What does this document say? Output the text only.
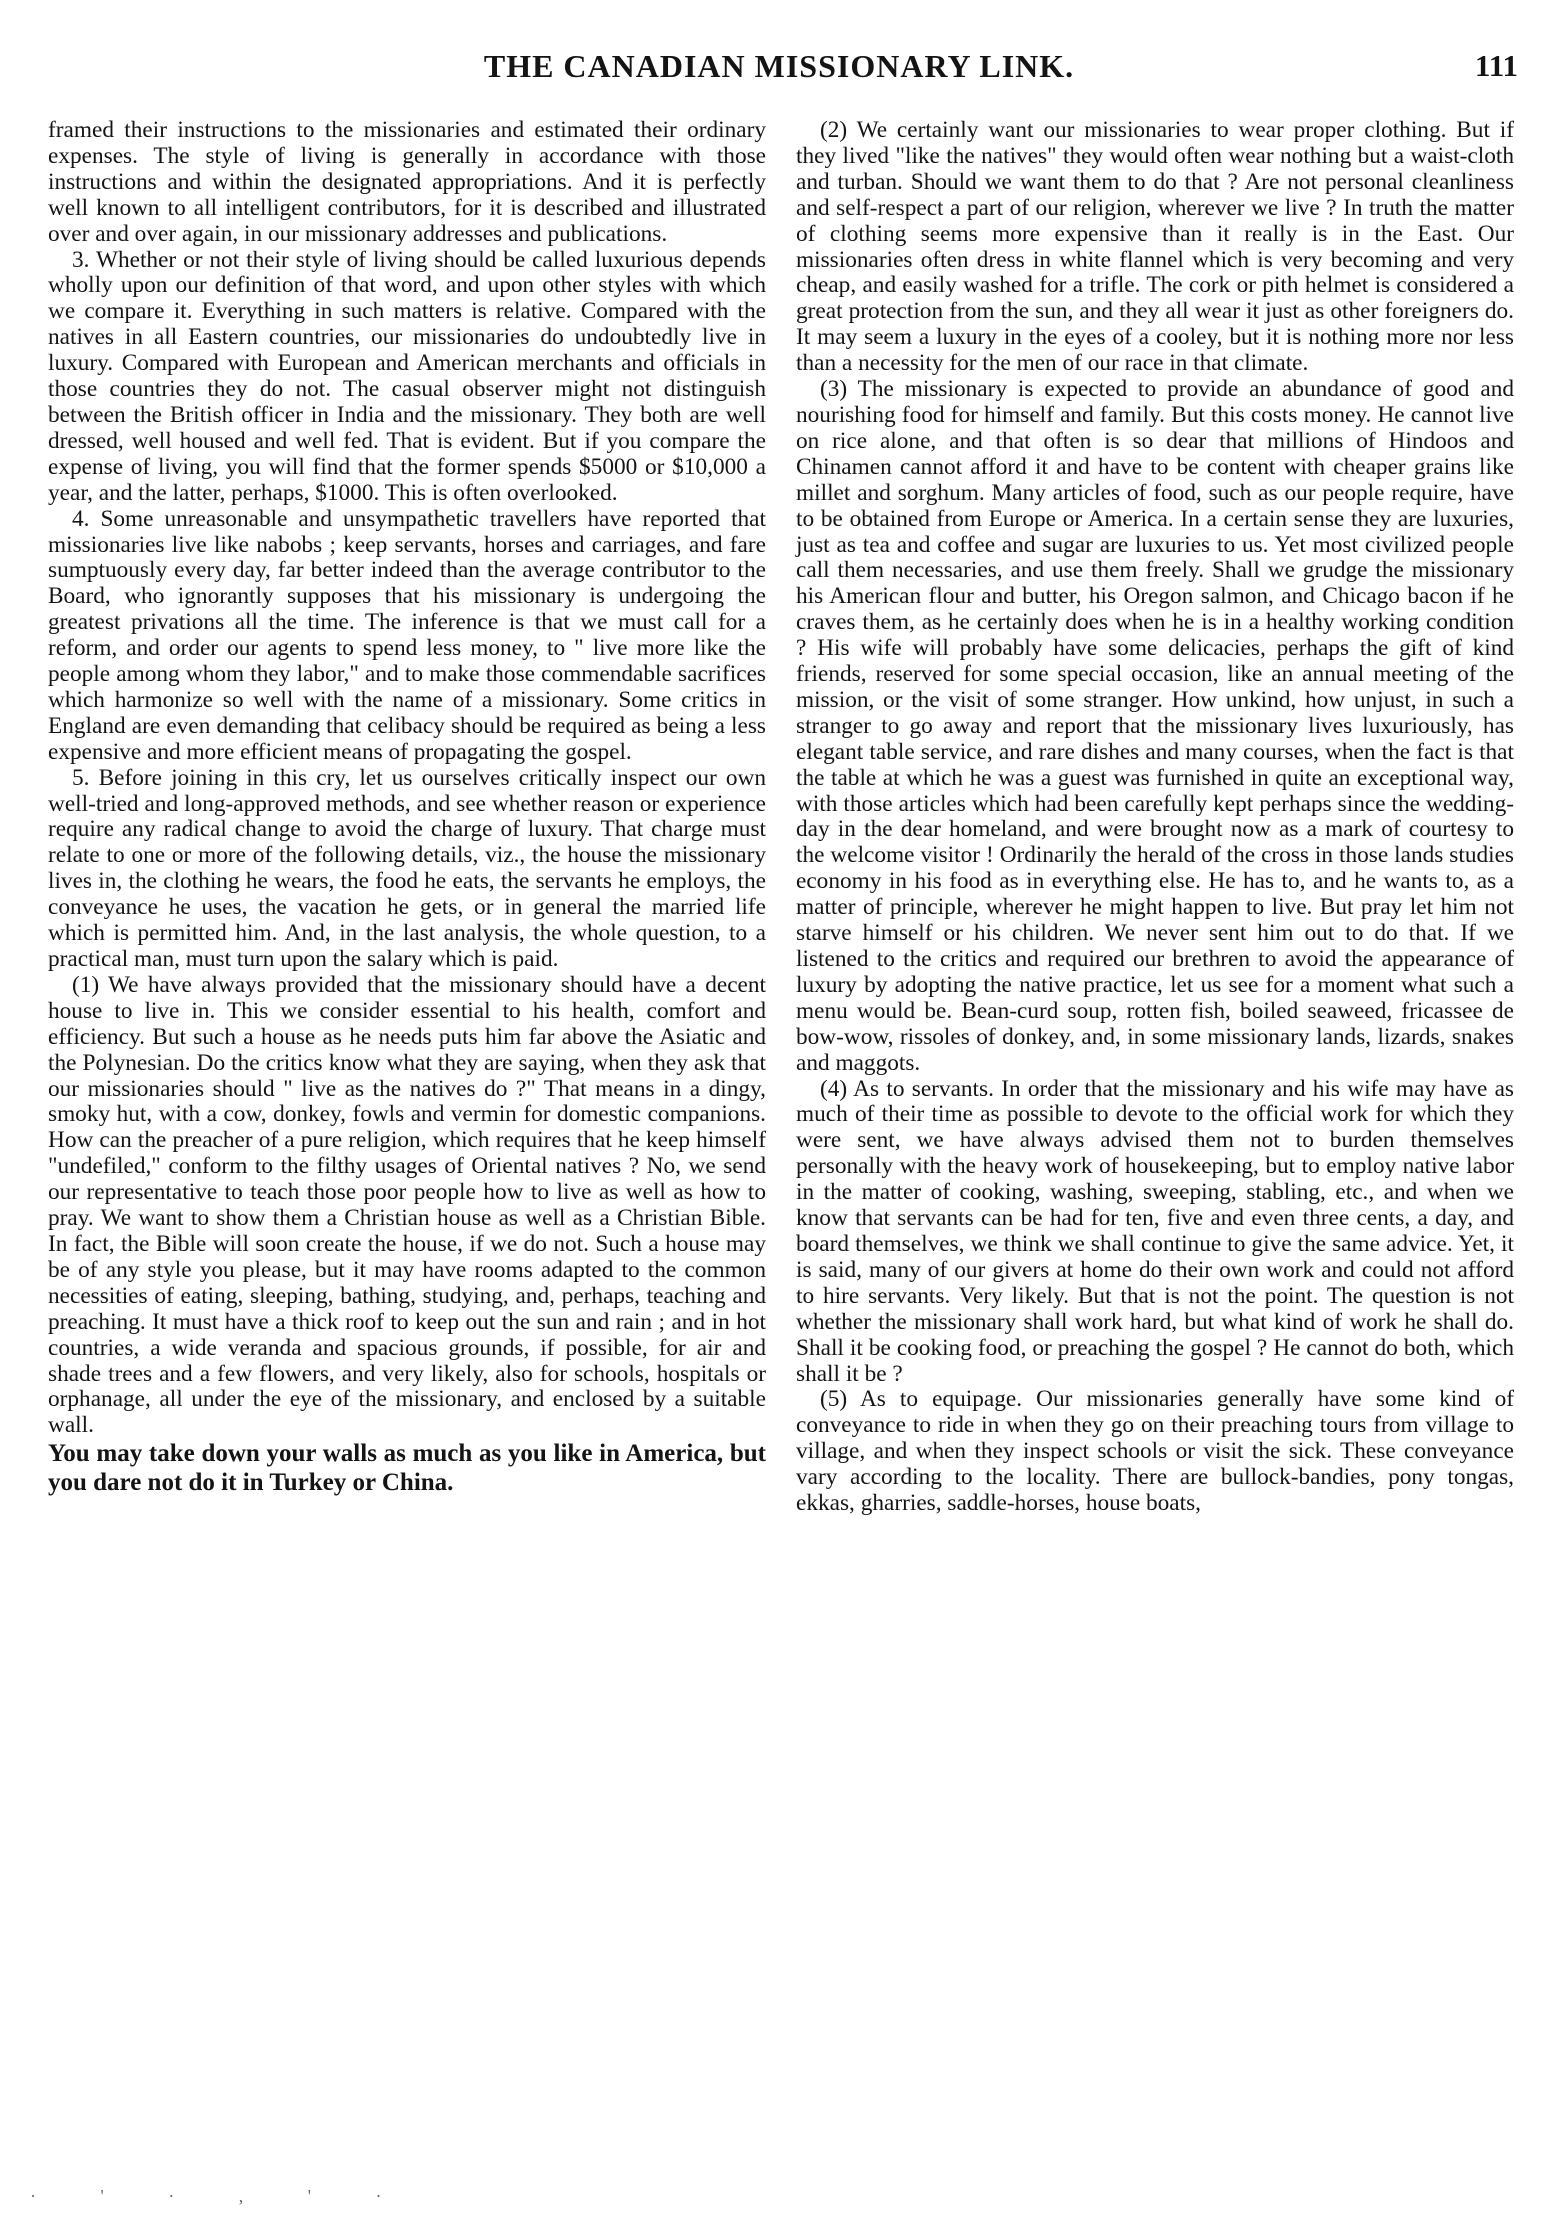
THE CANADIAN MISSIONARY LINK.	111

framed their instructions to the missionaries and estimated their ordinary expenses. The style of living is generally in accordance with those instructions and within the designated appropriations. And it is perfectly well known to all intelligent contributors, for it is described and illustrated over and over again, in our missionary addresses and publications.

3. Whether or not their style of living should be called luxurious depends wholly upon our definition of that word, and upon other styles with which we compare it. Everything in such matters is relative. Compared with the natives in all Eastern countries, our missionaries do undoubtedly live in luxury. Compared with European and American merchants and officials in those countries they do not. The casual observer might not distinguish between the British officer in India and the missionary. They both are well dressed, well housed and well fed. That is evident. But if you compare the expense of living, you will find that the former spends $5000 or $10,000 a year, and the latter, perhaps, $1000. This is often overlooked.

4. Some unreasonable and unsympathetic travellers have reported that missionaries live like nabobs ; keep servants, horses and carriages, and fare sumptuously every day, far better indeed than the average contributor to the Board, who ignorantly supposes that his missionary is undergoing the greatest privations all the time. The inference is that we must call for a reform, and order our agents to spend less money, to " live more like the people among whom they labor," and to make those commendable sacrifices which harmonize so well with the name of a missionary. Some critics in England are even demanding that celibacy should be required as being a less expensive and more efficient means of propagating the gospel.

5. Before joining in this cry, let us ourselves critically inspect our own well-tried and long-approved methods, and see whether reason or experience require any radical change to avoid the charge of luxury. That charge must relate to one or more of the following details, viz., the house the missionary lives in, the clothing he wears, the food he eats, the servants he employs, the conveyance he uses, the vacation he gets, or in general the married life which is permitted him. And, in the last analysis, the whole question, to a practical man, must turn upon the salary which is paid.

(1) We have always provided that the missionary should have a decent house to live in. This we consider essential to his health, comfort and efficiency. But such a house as he needs puts him far above the Asiatic and the Polynesian. Do the critics know what they are saying, when they ask that our missionaries should " live as the natives do ?" That means in a dingy, smoky hut, with a cow, donkey, fowls and vermin for domestic companions. How can the preacher of a pure religion, which requires that he keep himself "undefiled," conform to the filthy usages of Oriental natives ? No, we send our representative to teach those poor people how to live as well as how to pray. We want to show them a Christian house as well as a Christian Bible. In fact, the Bible will soon create the house, if we do not. Such a house may be of any style you please, but it may have rooms adapted to the common necessities of eating, sleeping, bathing, studying, and, perhaps, teaching and preaching. It must have a thick roof to keep out the sun and rain ; and in hot countries, a wide veranda and spacious grounds, if possible, for air and shade trees and a few flowers, and very likely, also for schools, hospitals or orphanage, all under the eye of the missionary, and enclosed by a suitable wall.

You may take down your walls as much as you like in America, but you dare not do it in Turkey or China.

(2) We certainly want our missionaries to wear proper clothing. But if they lived "like the natives" they would often wear nothing but a waist-cloth and turban. Should we want them to do that ? Are not personal cleanliness and self-respect a part of our religion, wherever we live ? In truth the matter of clothing seems more expensive than it really is in the East. Our missionaries often dress in white flannel which is very becoming and very cheap, and easily washed for a trifle. The cork or pith helmet is considered a great protection from the sun, and they all wear it just as other foreigners do. It may seem a luxury in the eyes of a cooley, but it is nothing more nor less than a necessity for the men of our race in that climate.

(3) The missionary is expected to provide an abundance of good and nourishing food for himself and family. But this costs money. He cannot live on rice alone, and that often is so dear that millions of Hindoos and Chinamen cannot afford it and have to be content with cheaper grains like millet and sorghum. Many articles of food, such as our people require, have to be obtained from Europe or America. In a certain sense they are luxuries, just as tea and coffee and sugar are luxuries to us. Yet most civilized people call them necessaries, and use them freely. Shall we grudge the missionary his American flour and butter, his Oregon salmon, and Chicago bacon if he craves them, as he certainly does when he is in a healthy working condition ? His wife will probably have some delicacies, perhaps the gift of kind friends, reserved for some special occasion, like an annual meeting of the mission, or the visit of some stranger. How unkind, how unjust, in such a stranger to go away and report that the missionary lives luxuriously, has elegant table service, and rare dishes and many courses, when the fact is that the table at which he was a guest was furnished in quite an exceptional way, with those articles which had been carefully kept perhaps since the wedding-day in the dear homeland, and were brought now as a mark of courtesy to the welcome visitor ! Ordinarily the herald of the cross in those lands studies economy in his food as in everything else. He has to, and he wants to, as a matter of principle, wherever he might happen to live. But pray let him not starve himself or his children. We never sent him out to do that. If we listened to the critics and required our brethren to avoid the appearance of luxury by adopting the native practice, let us see for a moment what such a menu would be. Bean-curd soup, rotten fish, boiled seaweed, fricassee de bow-wow, rissoles of donkey, and, in some missionary lands, lizards, snakes and maggots.

(4) As to servants. In order that the missionary and his wife may have as much of their time as possible to devote to the official work for which they were sent, we have always advised them not to burden themselves personally with the heavy work of housekeeping, but to employ native labor in the matter of cooking, washing, sweeping, stabling, etc., and when we know that servants can be had for ten, five and even three cents, a day, and board themselves, we think we shall continue to give the same advice. Yet, it is said, many of our givers at home do their own work and could not afford to hire servants. Very likely. But that is not the point. The question is not whether the missionary shall work hard, but what kind of work he shall do. Shall it be cooking food, or preaching the gospel ? He cannot do both, which shall it be ?

(5) As to equipage. Our missionaries generally have some kind of conveyance to ride in when they go on their preaching tours from village to village, and when they inspect schools or visit the sick. These conveyance vary according to the locality. There are bullock-bandies, pony tongas, ekkas, gharries, saddle-horses, house boats,

· ' · , ' ·
